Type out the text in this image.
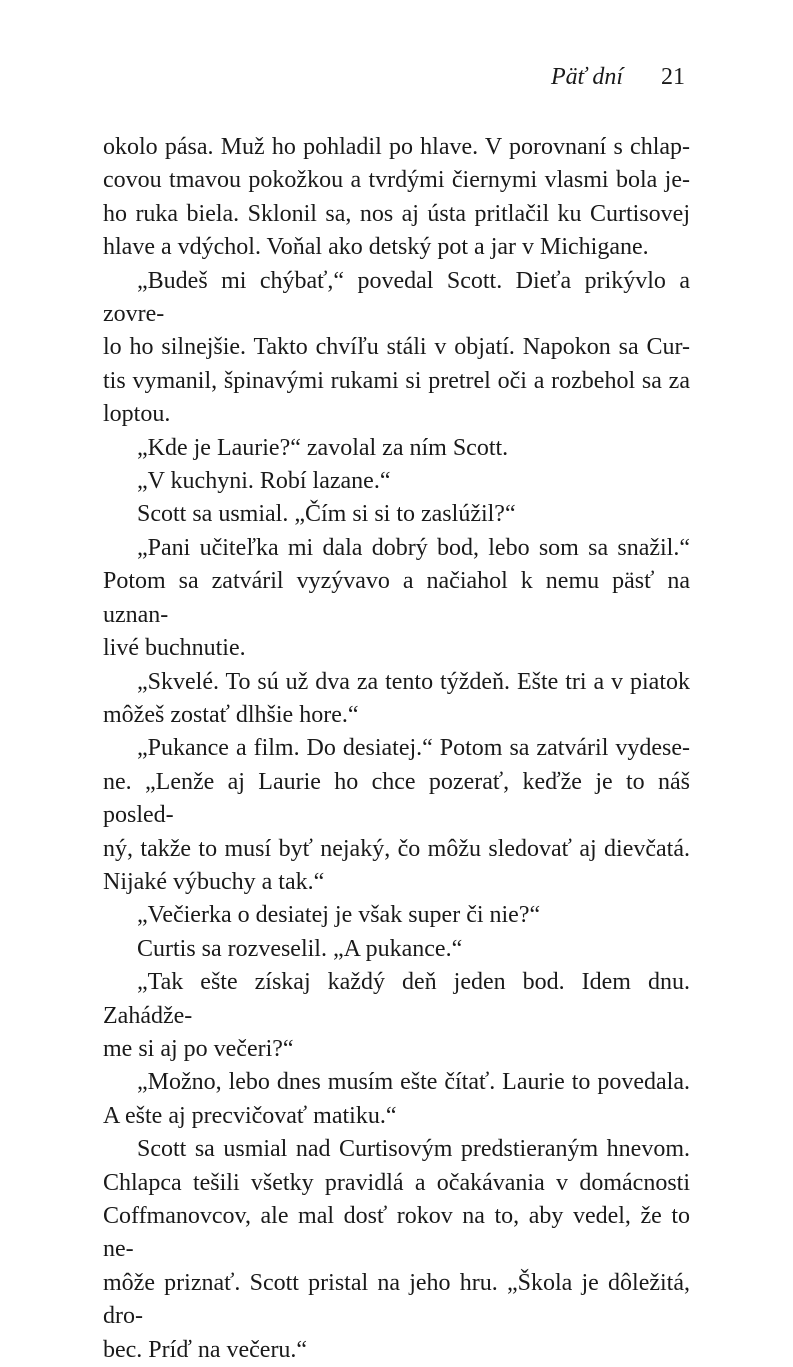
Päť dní 21

okolo pása. Muž ho pohladil po hlave. V porovnaní s chlap-

covou tmavou pokožkou a tvrdými čiernymi vlasmi bola je-

ho ruka biela. Sklonil sa, nos aj ústa pritlačil ku Curtisovej

hlave a vdýchol. Voňal ako detský pot a jar v Michigane.

„Budeš mi chýbať,“ povedal Scott. Dieťa prikývlo a zovre-

lo ho silnejšie. Takto chvíľu stáli v objatí. Napokon sa Cur-

tis vymanil, špinavými rukami si pretrel oči a rozbehol sa za

loptou.

„Kde je Laurie?“ zavolal za ním Scott.

„V kuchyni. Robí lazane.“

Scott sa usmial. „Čím si si to zaslúžil?“

„Pani učiteľka mi dala dobrý bod, lebo som sa snažil.“

Potom sa zatváril vyzývavo a načiahol k nemu päsť na uznan-

livé buchnutie.

„Skvelé. To sú už dva za tento týždeň. Ešte tri a v piatok

môžeš zostať dlhšie hore.“

„Pukance a film. Do desiatej.“ Potom sa zatváril vydese-

ne. „Lenže aj Laurie ho chce pozerať, keďže je to náš posled-

ný, takže to musí byť nejaký, čo môžu sledovať aj dievčatá.

Nijaké výbuchy a tak.“

„Večierka o desiatej je však super či nie?“

Curtis sa rozveselil. „A pukance.“

„Tak ešte získaj každý deň jeden bod. Idem dnu. Zahádže-

me si aj po večeri?“

„Možno, lebo dnes musím ešte čítať. Laurie to povedala.

A ešte aj precvičovať matiku.“

Scott sa usmial nad Curtisovým predstieraným hnevom.

Chlapca tešili všetky pravidlá a očakávania v domácnosti

Coffmanovcov, ale mal dosť rokov na to, aby vedel, že to ne-

môže priznať. Scott pristal na jeho hru. „Škola je dôležitá, dro-

bec. Príď na večeru.“
